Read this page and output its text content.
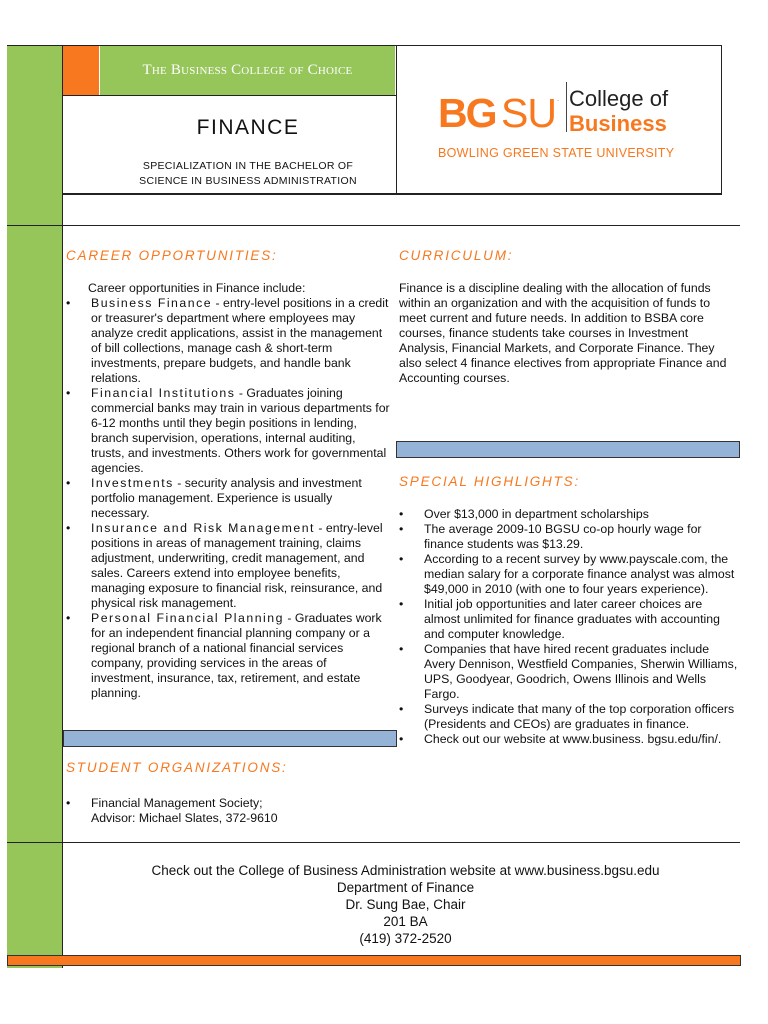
The Business College of Choice
FINANCE
SPECIALIZATION IN THE BACHELOR OF
SCIENCE IN BUSINESS ADMINISTRATION
BG SU . College of
Business
BOWLING GREEN STATE UNIVERSITY
CAREER OPPORTUNITIES:
Career opportunities in Finance include:
• Business Finance - entry-level positions in a credit or treasurer's department where employees may analyze credit applications, assist in the management of bill collections, manage cash & short-term investments, prepare budgets, and handle bank relations.
• Financial Institutions - Graduates joining commercial banks may train in various departments for 6-12 months until they begin positions in lending, branch supervision, operations, internal auditing, trusts, and investments. Others work for governmental agencies.
• Investments - security analysis and investment portfolio management. Experience is usually necessary.
• Insurance and Risk Management - entry-level positions in areas of management training, claims adjustment, underwriting, credit management, and sales. Careers extend into employee benefits, managing exposure to financial risk, reinsurance, and physical risk management.
• Personal Financial Planning - Graduates work for an independent financial planning company or a regional branch of a national financial services company, providing services in the areas of investment, insurance, tax, retirement, and estate planning.
STUDENT ORGANIZATIONS:
• Financial Management Society;
Advisor: Michael Slates, 372-9610
CURRICULUM:
Finance is a discipline dealing with the allocation of funds within an organization and with the acquisition of funds to meet current and future needs. In addition to BSBA core courses, finance students take courses in Investment Analysis, Financial Markets, and Corporate Finance. They also select 4 finance electives from appropriate Finance and Accounting courses.
SPECIAL HIGHLIGHTS:
• Over $13,000 in department scholarships
• The average 2009-10 BGSU co-op hourly wage for finance students was $13.29.
• According to a recent survey by www.payscale.com, the median salary for a corporate finance analyst was almost $49,000 in 2010 (with one to four years experience).
• Initial job opportunities and later career choices are almost unlimited for finance graduates with accounting and computer knowledge.
• Companies that have hired recent graduates include Avery Dennison, Westfield Companies, Sherwin Williams, UPS, Goodyear, Goodrich, Owens Illinois and Wells Fargo.
• Surveys indicate that many of the top corporation officers (Presidents and CEOs) are graduates in finance.
• Check out our website at www.business. bgsu.edu/fin/.
Check out the College of Business Administration website at www.business.bgsu.edu
Department of Finance
Dr. Sung Bae, Chair
201 BA
(419) 372-2520
